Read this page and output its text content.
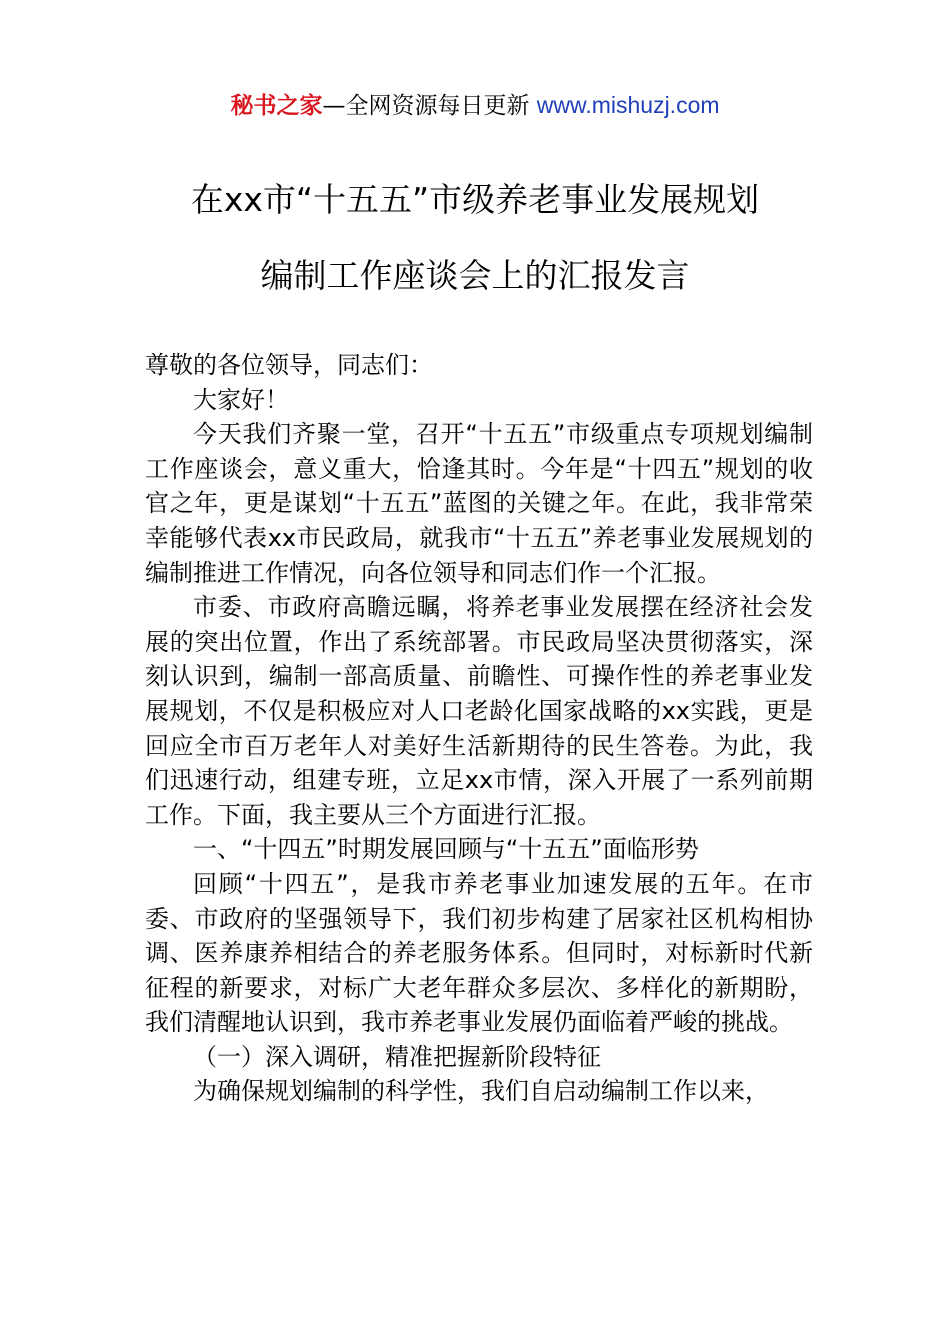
秘书之家—全网资源每日更新 www.mishuzj.com
在xx市“十五五”市级养老事业发展规划
编制工作座谈会上的汇报发言

尊敬的各位领导，同志们：

大家好！

今天我们齐聚一堂，召开“十五五”市级重点专项规划编制工作座谈会，意义重大，恰逢其时。今年是“十四五”规划的收官之年，更是谋划“十五五”蓝图的关键之年。在此，我非常荣幸能够代表xx市民政局，就我市“十五五”养老事业发展规划的编制推进工作情况，向各位领导和同志们作一个汇报。

市委、市政府高瞻远瞩，将养老事业发展摆在经济社会发展的突出位置，作出了系统部署。市民政局坚决贯彻落实，深刻认识到，编制一部高质量、前瞻性、可操作性的养老事业发展规划，不仅是积极应对人口老龄化国家战略的xx实践，更是回应全市百万老年人对美好生活新期待的民生答卷。为此，我们迅速行动，组建专班，立足xx市情，深入开展了一系列前期工作。下面，我主要从三个方面进行汇报。

一、“十四五”时期发展回顾与“十五五”面临形势

回顾“十四五”，是我市养老事业加速发展的五年。在市委、市政府的坚强领导下，我们初步构建了居家社区机构相协调、医养康养相结合的养老服务体系。但同时，对标新时代新征程的新要求，对标广大老年群众多层次、多样化的新期盼，我们清醒地认识到，我市养老事业发展仍面临着严峻的挑战。

（一）深入调研，精准把握新阶段特征

为确保规划编制的科学性，我们自启动编制工作以来，
